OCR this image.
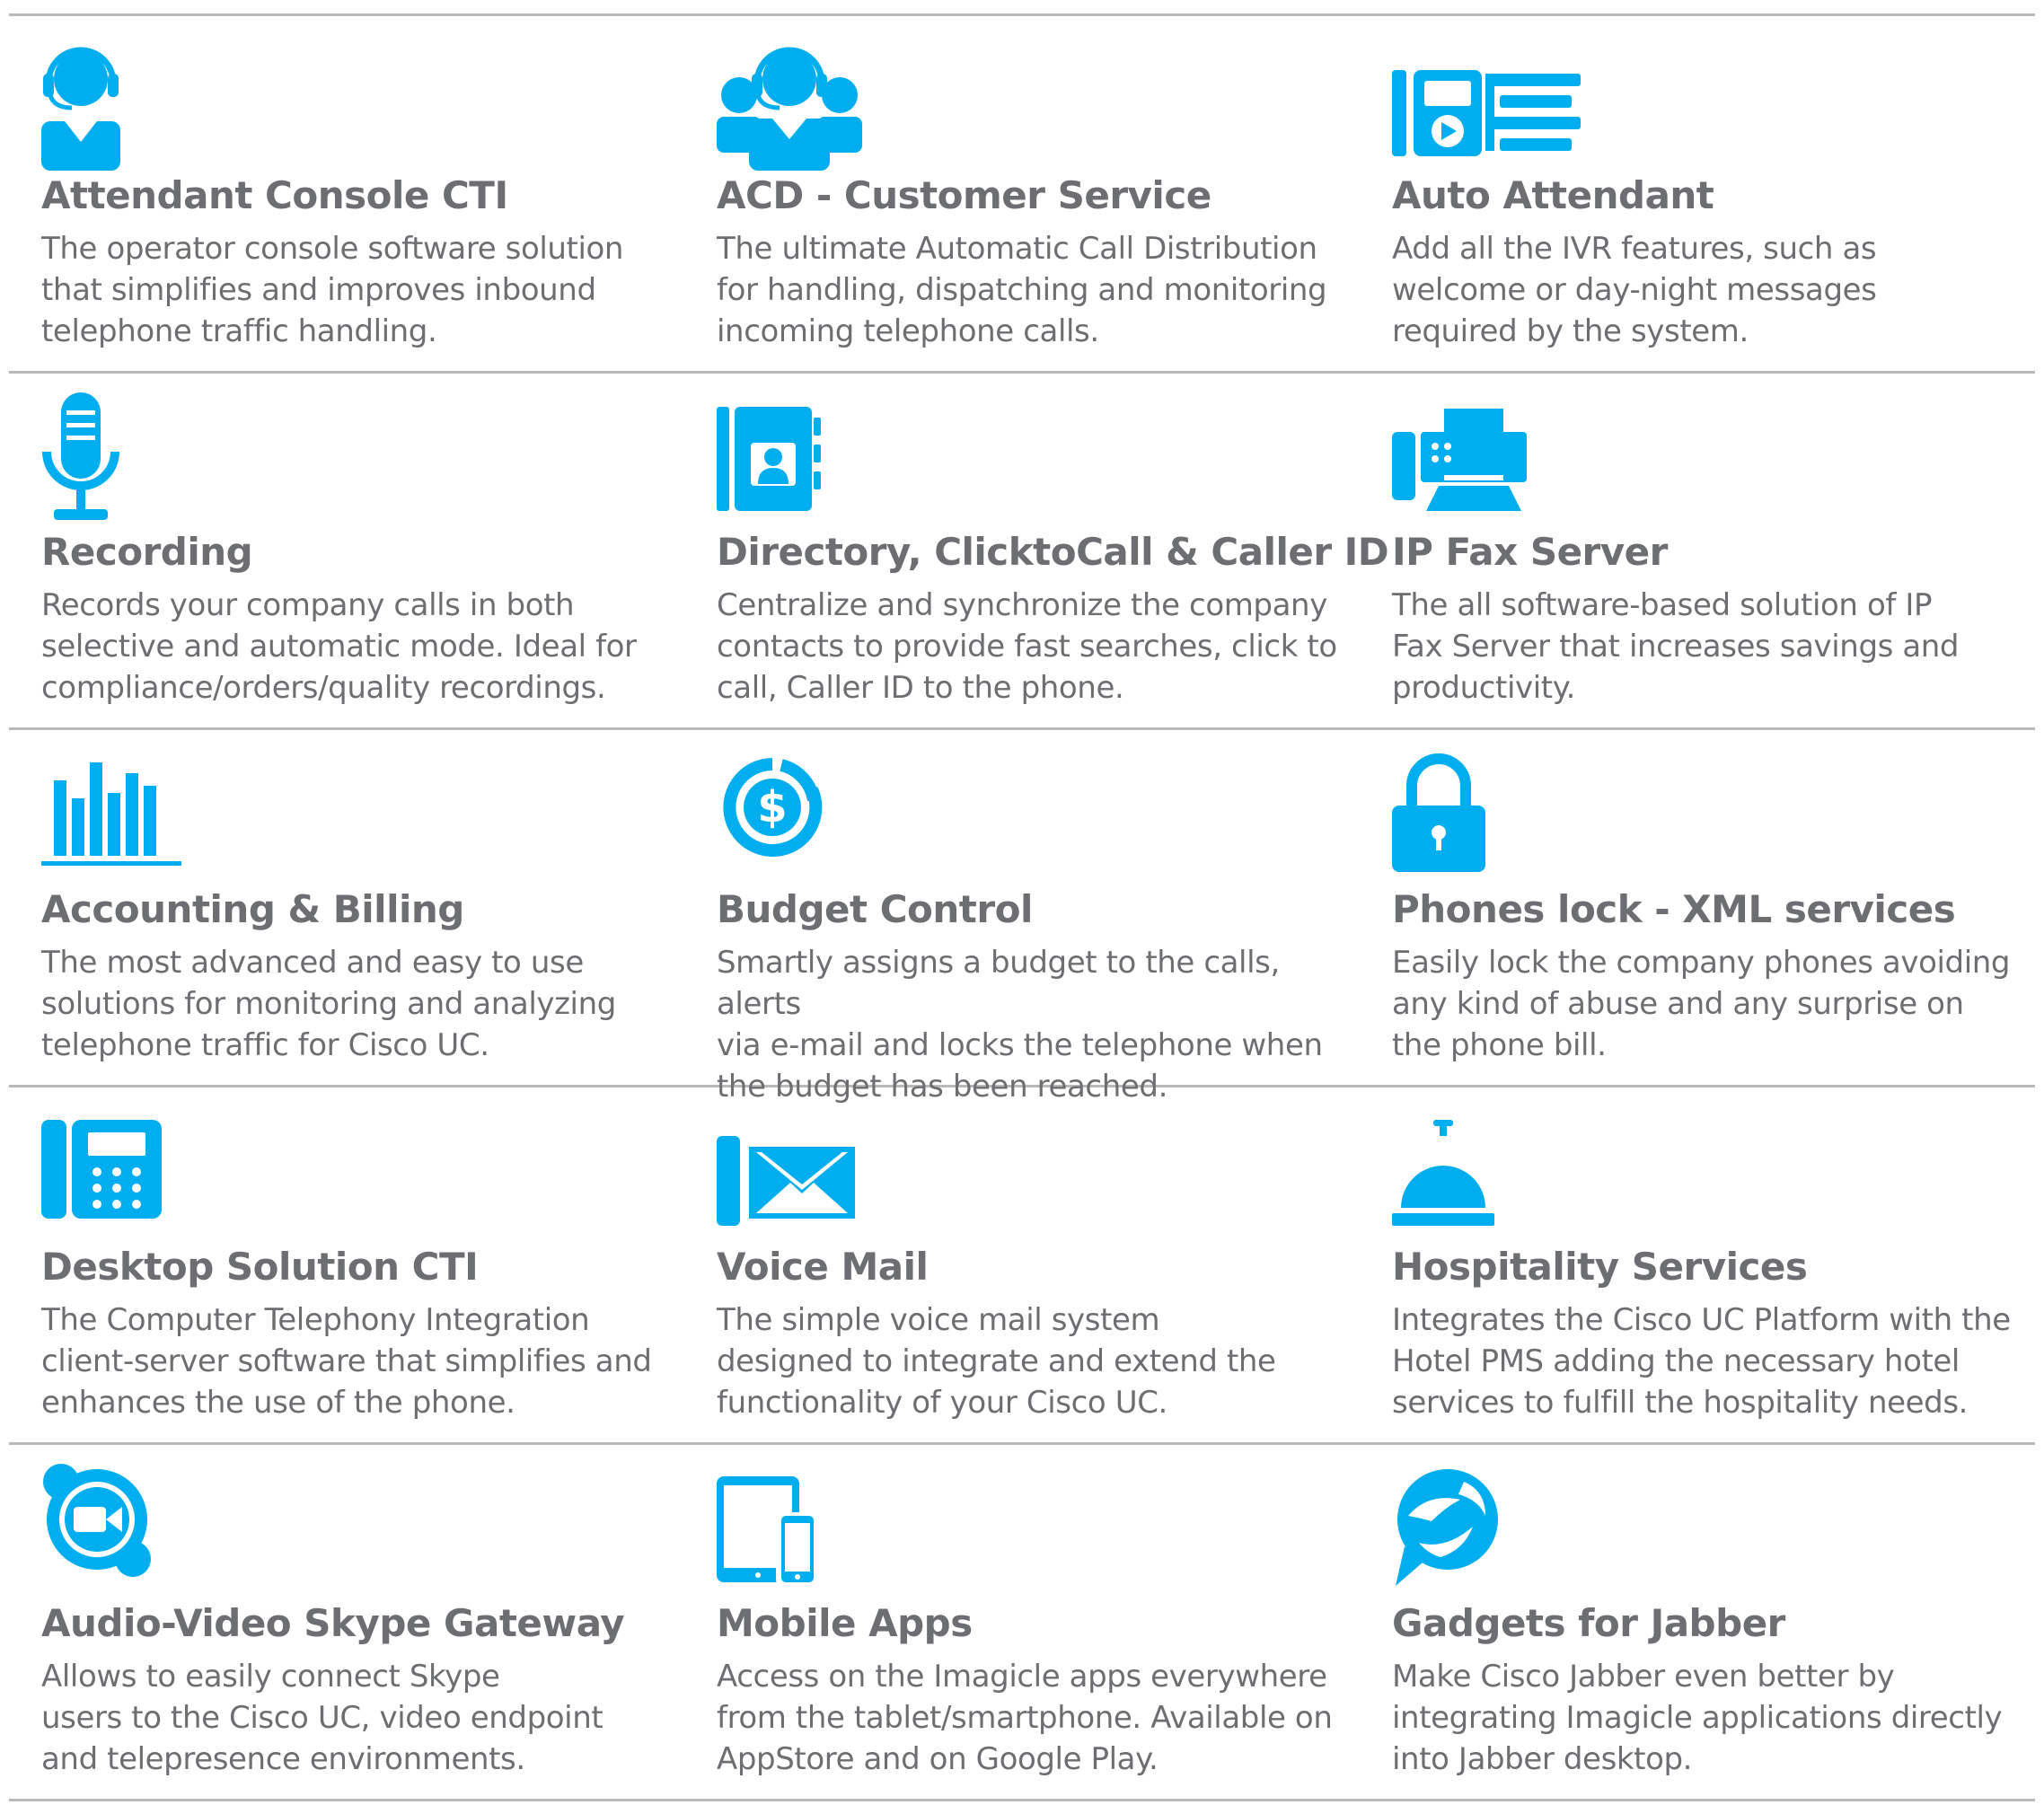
Attendant Console CTI
The operator console software solution
that simplifies and improves inbound
telephone traffic handling.
ACD - Customer Service
The ultimate Automatic Call Distribution
for handling, dispatching and monitoring
incoming telephone calls.
Auto Attendant
Add all the IVR features, such as
welcome or day-night messages
required by the system.
Recording
Records your company calls in both
selective and automatic mode. Ideal for
compliance/orders/quality recordings.
Directory, ClicktoCall & Caller ID
Centralize and synchronize the company
contacts to provide fast searches, click to
call, Caller ID to the phone.
IP Fax Server
The all software-based solution of IP
Fax Server that increases savings and
productivity.
Accounting & Billing
The most advanced and easy to use
solutions for monitoring and analyzing
telephone traffic for Cisco UC.
$
Budget Control
Smartly assigns a budget to the calls, alerts
via e-mail and locks the telephone when
the budget has been reached.
Phones lock - XML services
Easily lock the company phones avoiding
any kind of abuse and any surprise on
the phone bill.
Desktop Solution CTI
The Computer Telephony Integration
client-server software that simplifies and
enhances the use of the phone.
Voice Mail
The simple voice mail system
designed to integrate and extend the
functionality of your Cisco UC.
Hospitality Services
Integrates the Cisco UC Platform with the
Hotel PMS adding the necessary hotel
services to fulfill the hospitality needs.
Audio-Video Skype Gateway
Allows to easily connect Skype
users to the Cisco UC, video endpoint
and telepresence environments.
Mobile Apps
Access on the Imagicle apps everywhere
from the tablet/smartphone. Available on
AppStore and on Google Play.
Gadgets for Jabber
Make Cisco Jabber even better by
integrating Imagicle applications directly
into Jabber desktop.
